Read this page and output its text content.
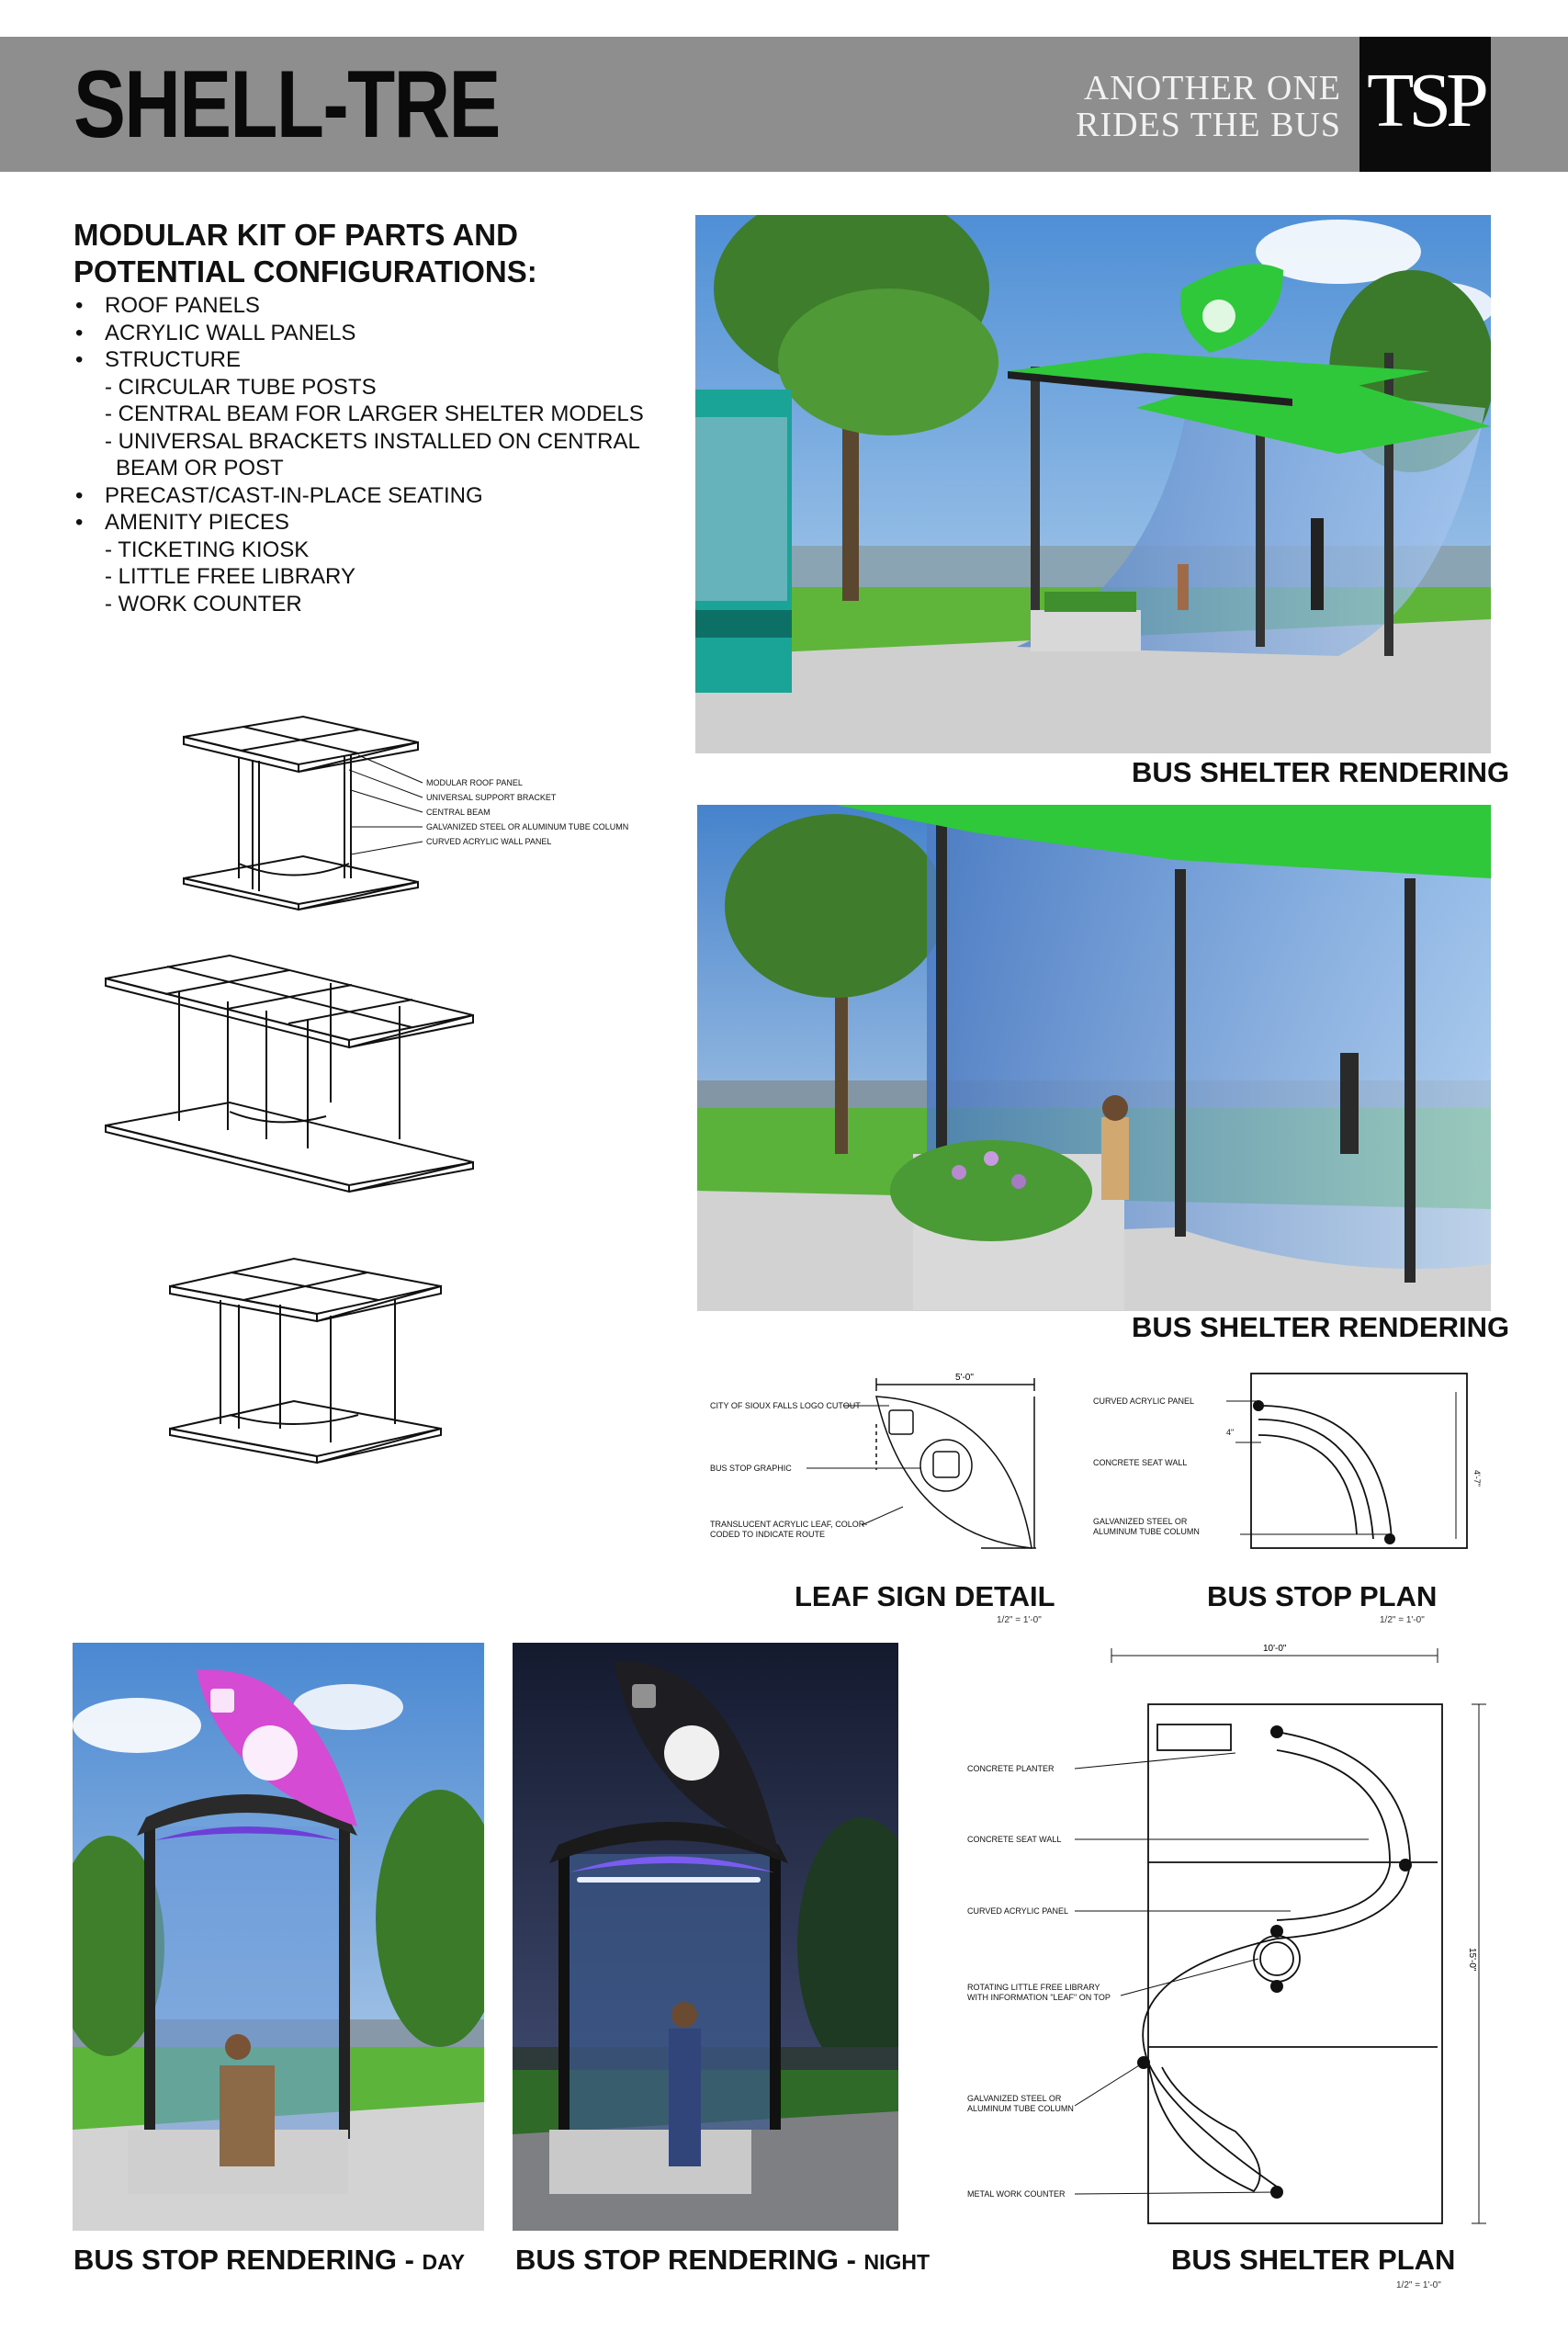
SHELL-TRE	ANOTHER ONE
RIDES THE BUS TSP
MODULAR KIT OF PARTS AND POTENTIAL CONFIGURATIONS:
• ROOF PANELS
• ACRYLIC WALL PANELS
• STRUCTURE
- CIRCULAR TUBE POSTS
- CENTRAL BEAM FOR LARGER SHELTER MODELS
- UNIVERSAL BRACKETS INSTALLED ON CENTRAL
BEAM OR POST
• PRECAST/CAST-IN-PLACE SEATING
• AMENITY PIECES
- TICKETING KIOSK
- LITTLE FREE LIBRARY
- WORK COUNTER
MODULAR ROOF PANEL
UNIVERSAL SUPPORT BRACKET
CENTRAL BEAM
GALVANIZED STEEL OR ALUMINUM TUBE COLUMN
CURVED ACRYLIC WALL PANEL
BUS SHELTER RENDERING
BUS SHELTER RENDERING
5'-0"
CITY OF SIOUX FALLS LOGO CUTOUT
BUS STOP GRAPHIC
TRANSLUCENT ACRYLIC LEAF, COLOR-
CODED TO INDICATE ROUTE
LEAF SIGN DETAIL
1/2" = 1'-0"
CURVED ACRYLIC PANEL
CONCRETE SEAT WALL
GALVANIZED STEEL OR
ALUMINUM TUBE COLUMN
4"
4'-7"
BUS STOP PLAN
1/2" = 1'-0"
BUS STOP RENDERING - DAY BUS STOP RENDERING - NIGHT
10'-0"
15'-0"
CONCRETE PLANTER
CONCRETE SEAT WALL
CURVED ACRYLIC PANEL
ROTATING LITTLE FREE LIBRARY
WITH INFORMATION "LEAF" ON TOP
GALVANIZED STEEL OR
ALUMINUM TUBE COLUMN
METAL WORK COUNTER
BUS SHELTER PLAN
1/2" = 1'-0"
